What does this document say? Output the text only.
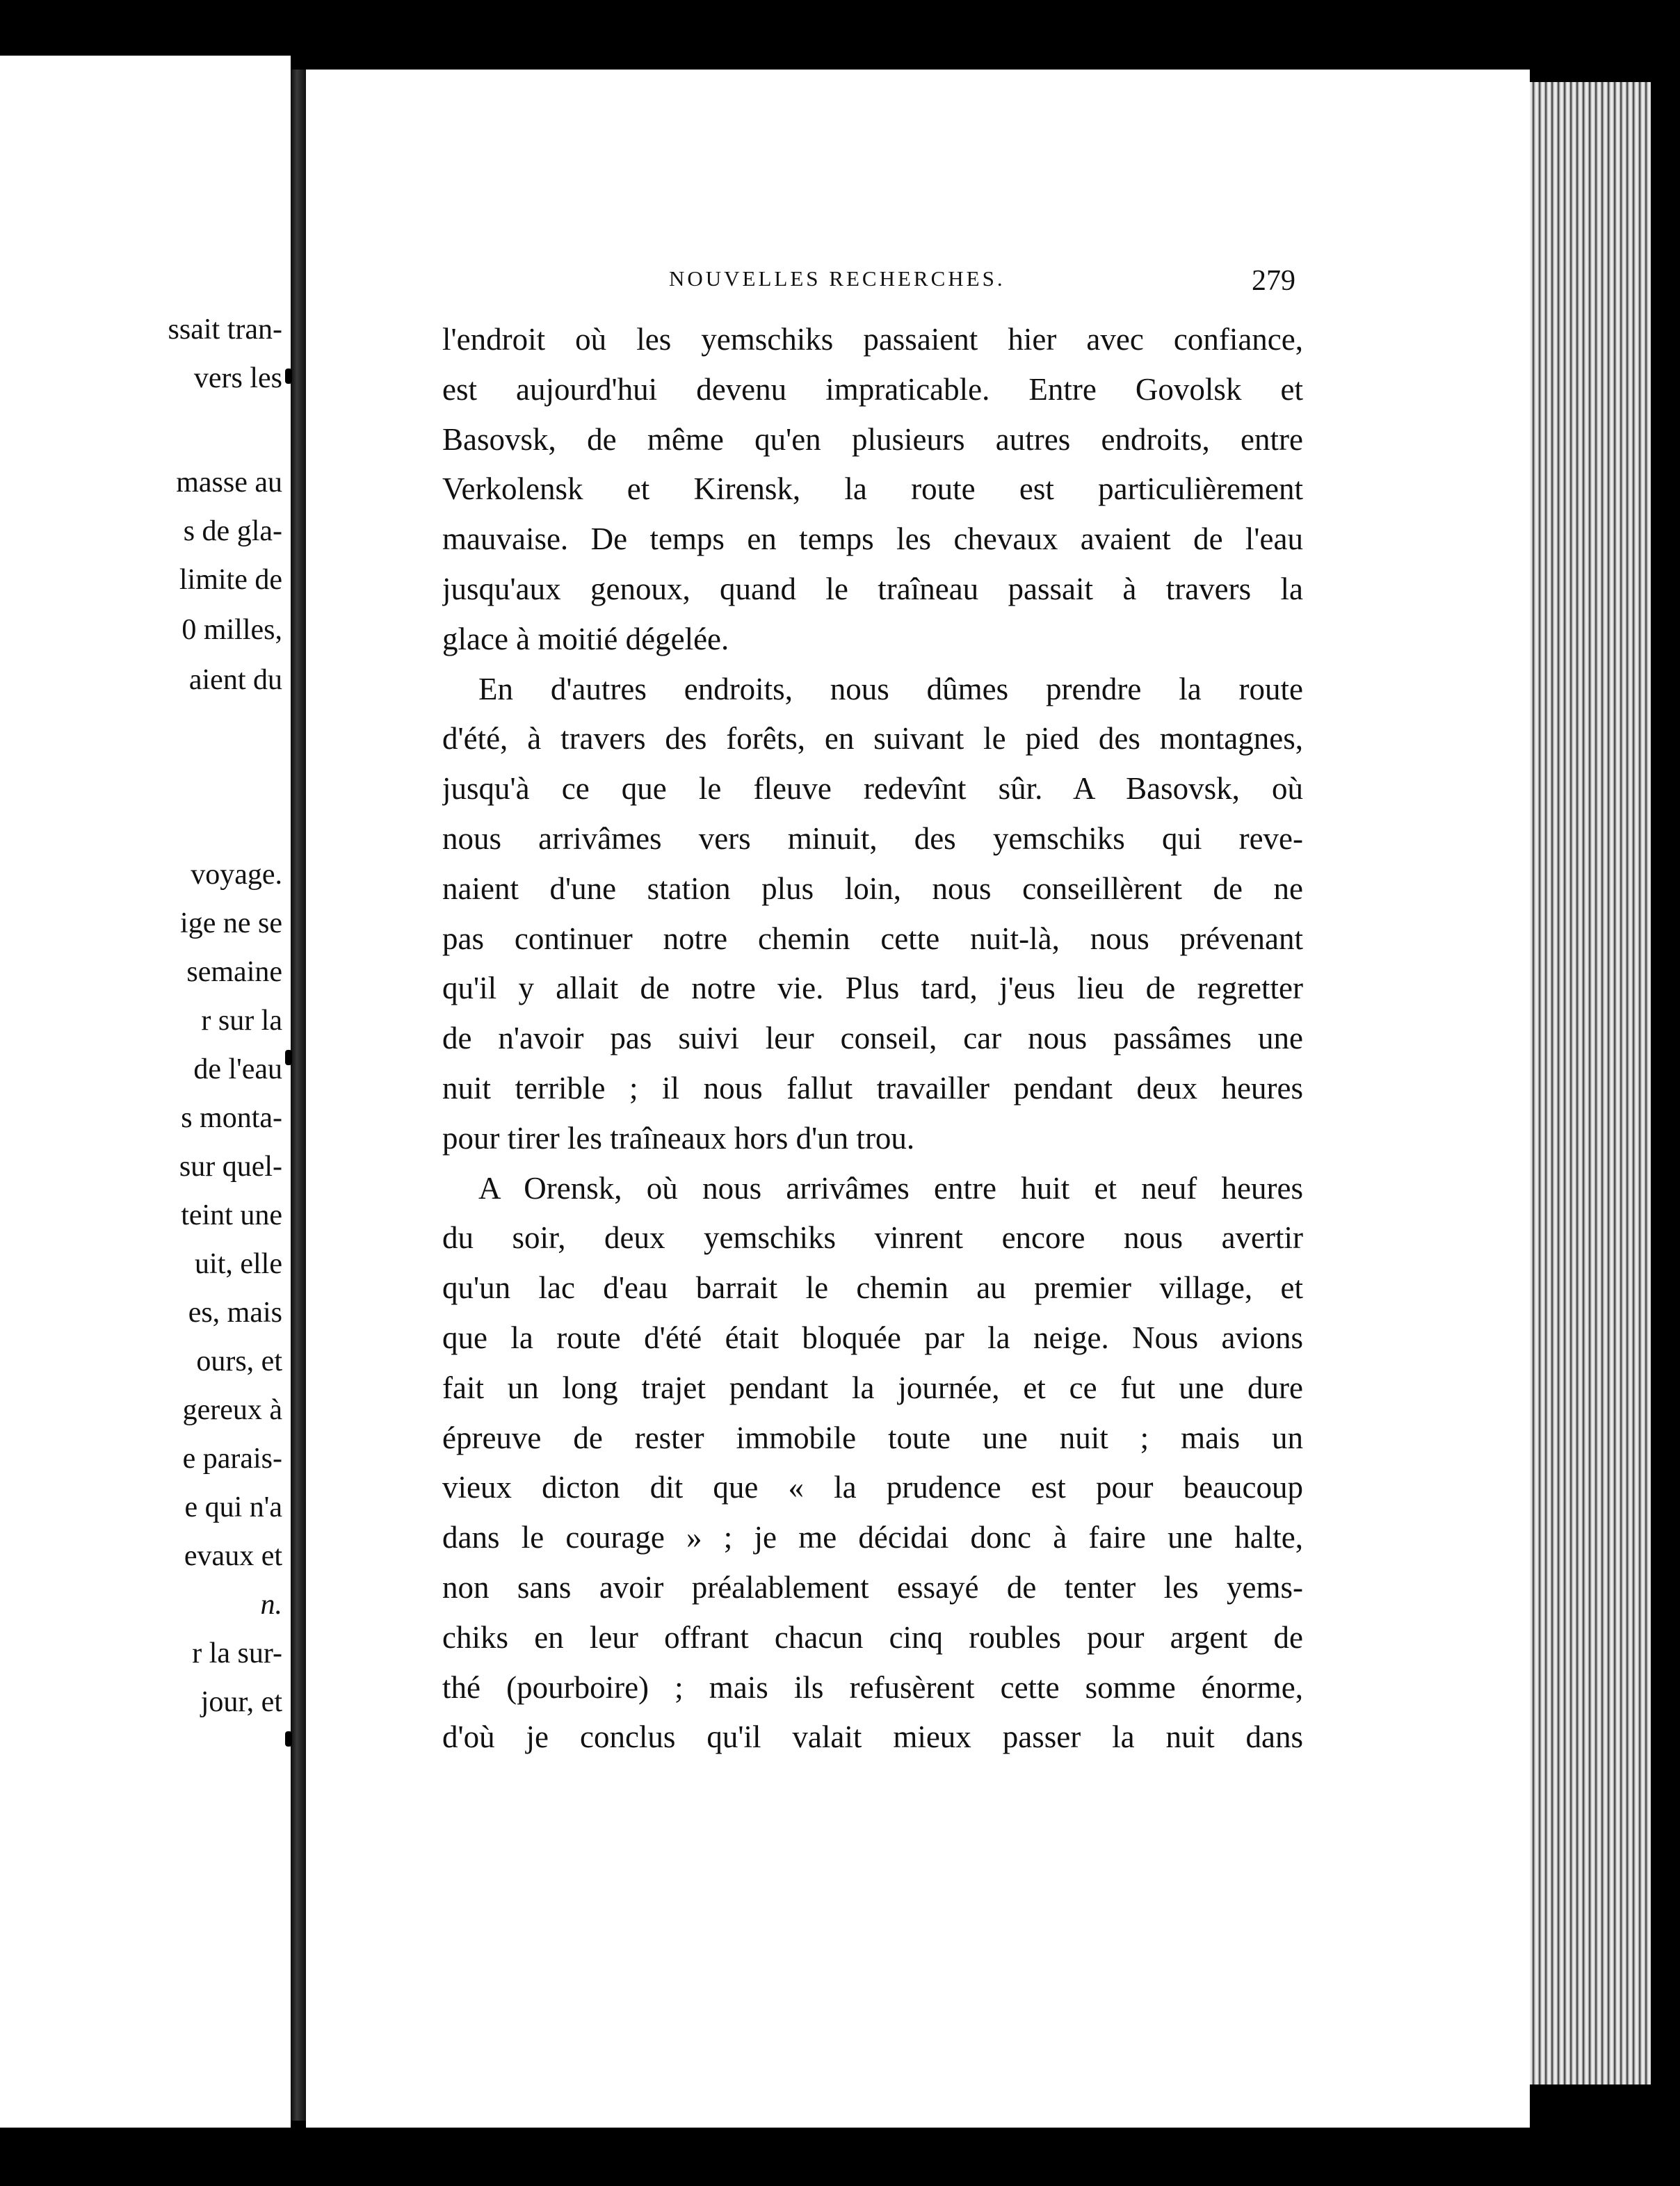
ssait tran-
vers les
masse au
s de gla-
limite de
0 milles,
aient du
voyage.
ige ne se
semaine
r sur la
de l'eau
s monta-
sur quel-
teint une
uit, elle
es, mais
ours, et
gereux à
e parais-
e qui n'a
evaux et
n.
r la sur-
jour, et
NOUVELLES RECHERCHES.	279
l'endroit où les yemschiks passaient hier avec confiance,
est aujourd'hui devenu impraticable. Entre Govolsk et
Basovsk, de même qu'en plusieurs autres endroits, entre
Verkolensk et Kirensk, la route est particulièrement
mauvaise. De temps en temps les chevaux avaient de l'eau
jusqu'aux genoux, quand le traîneau passait à travers la
glace à moitié dégelée.
En d'autres endroits, nous dûmes prendre la route
d'été, à travers des forêts, en suivant le pied des montagnes,
jusqu'à ce que le fleuve redevînt sûr. A Basovsk, où
nous arrivâmes vers minuit, des yemschiks qui reve-
naient d'une station plus loin, nous conseillèrent de ne
pas continuer notre chemin cette nuit-là, nous prévenant
qu'il y allait de notre vie. Plus tard, j'eus lieu de regretter
de n'avoir pas suivi leur conseil, car nous passâmes une
nuit terrible ; il nous fallut travailler pendant deux heures
pour tirer les traîneaux hors d'un trou.
A Orensk, où nous arrivâmes entre huit et neuf heures
du soir, deux yemschiks vinrent encore nous avertir
qu'un lac d'eau barrait le chemin au premier village, et
que la route d'été était bloquée par la neige. Nous avions
fait un long trajet pendant la journée, et ce fut une dure
épreuve de rester immobile toute une nuit ; mais un
vieux dicton dit que « la prudence est pour beaucoup
dans le courage » ; je me décidai donc à faire une halte,
non sans avoir préalablement essayé de tenter les yems-
chiks en leur offrant chacun cinq roubles pour argent de
thé (pourboire) ; mais ils refusèrent cette somme énorme,
d'où je conclus qu'il valait mieux passer la nuit dans
